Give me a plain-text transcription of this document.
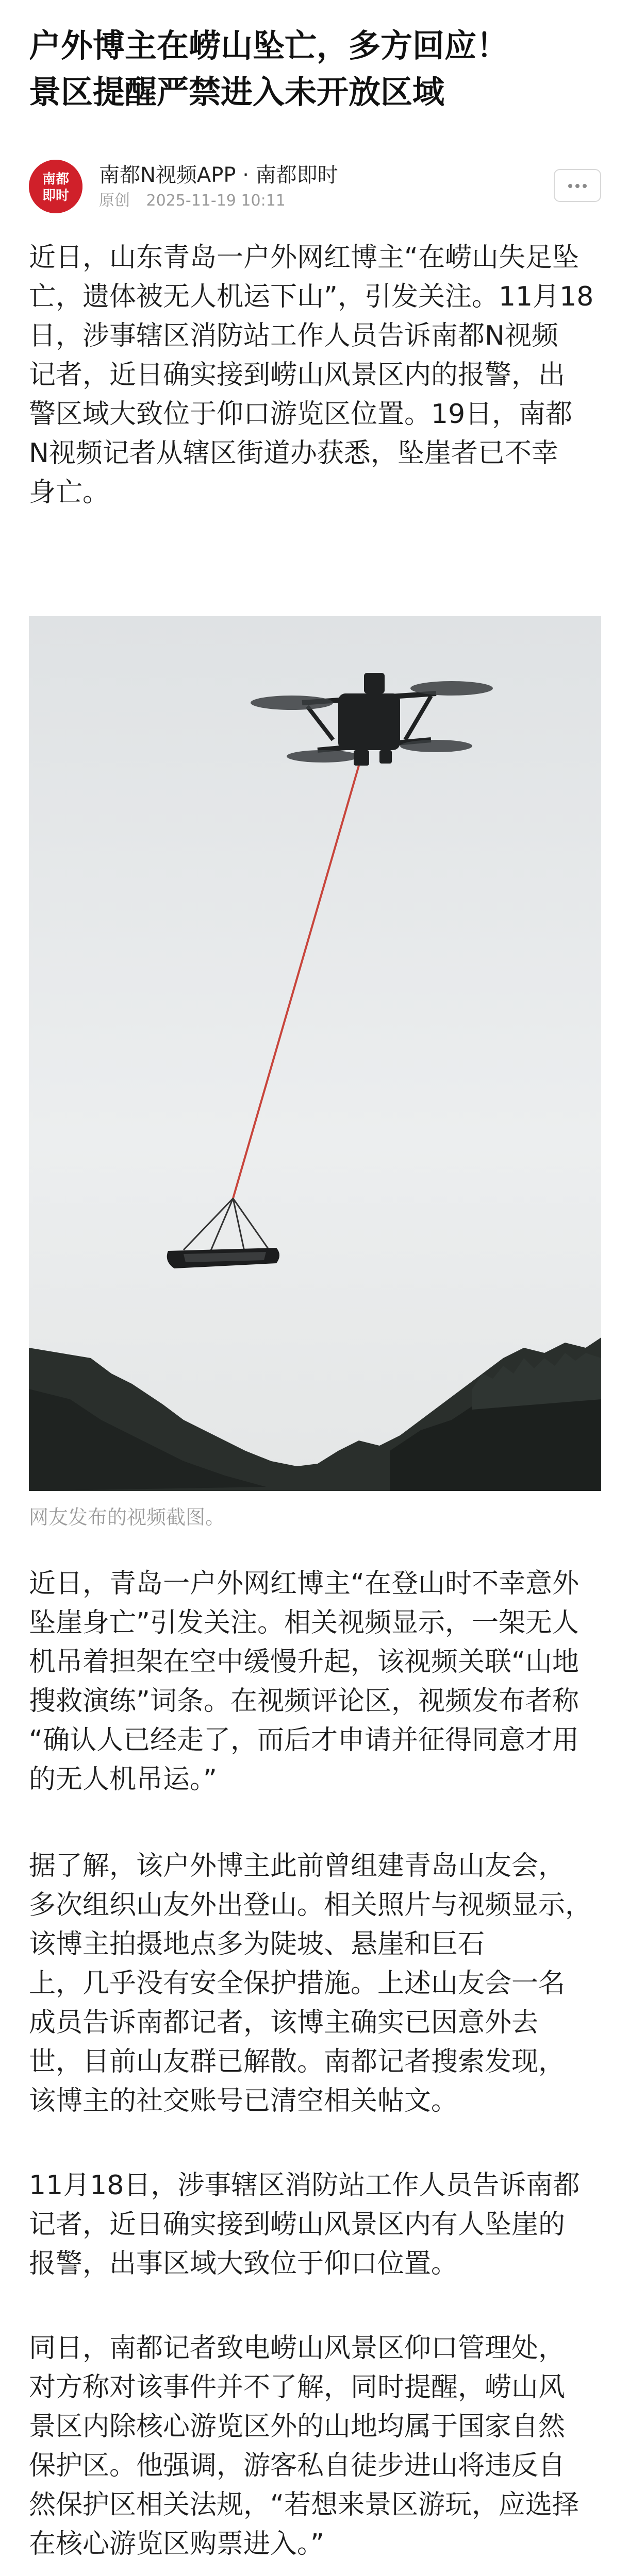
户外博主在崂山坠亡，多方回应！
景区提醒严禁进入未开放区域
南都
即时
南都N视频APP · 南都即时
原创 2025-11-19 10:11

近日，山东青岛一户外网红博主“在崂山失足坠
亡，遗体被无人机运下山”，引发关注。11月18
日，涉事辖区消防站工作人员告诉南都N视频
记者，近日确实接到崂山风景区内的报警，出
警区域大致位于仰口游览区位置。19日，南都
N视频记者从辖区街道办获悉，坠崖者已不幸
身亡。

网友发布的视频截图。

近日，青岛一户外网红博主“在登山时不幸意外
坠崖身亡”引发关注。相关视频显示，一架无人
机吊着担架在空中缓慢升起，该视频关联“山地
搜救演练”词条。在视频评论区，视频发布者称
“确认人已经走了，而后才申请并征得同意才用
的无人机吊运。”

据了解，该户外博主此前曾组建青岛山友会，
多次组织山友外出登山。相关照片与视频显示，
该博主拍摄地点多为陡坡、悬崖和巨石
上，几乎没有安全保护措施。上述山友会一名
成员告诉南都记者，该博主确实已因意外去
世，目前山友群已解散。南都记者搜索发现，
该博主的社交账号已清空相关帖文。

11月18日，涉事辖区消防站工作人员告诉南都
记者，近日确实接到崂山风景区内有人坠崖的
报警，出事区域大致位于仰口位置。

同日，南都记者致电崂山风景区仰口管理处，
对方称对该事件并不了解，同时提醒，崂山风
景区内除核心游览区外的山地均属于国家自然
保护区。他强调，游客私自徒步进山将违反自
然保护区相关法规，“若想来景区游玩，应选择
在核心游览区购票进入。”
